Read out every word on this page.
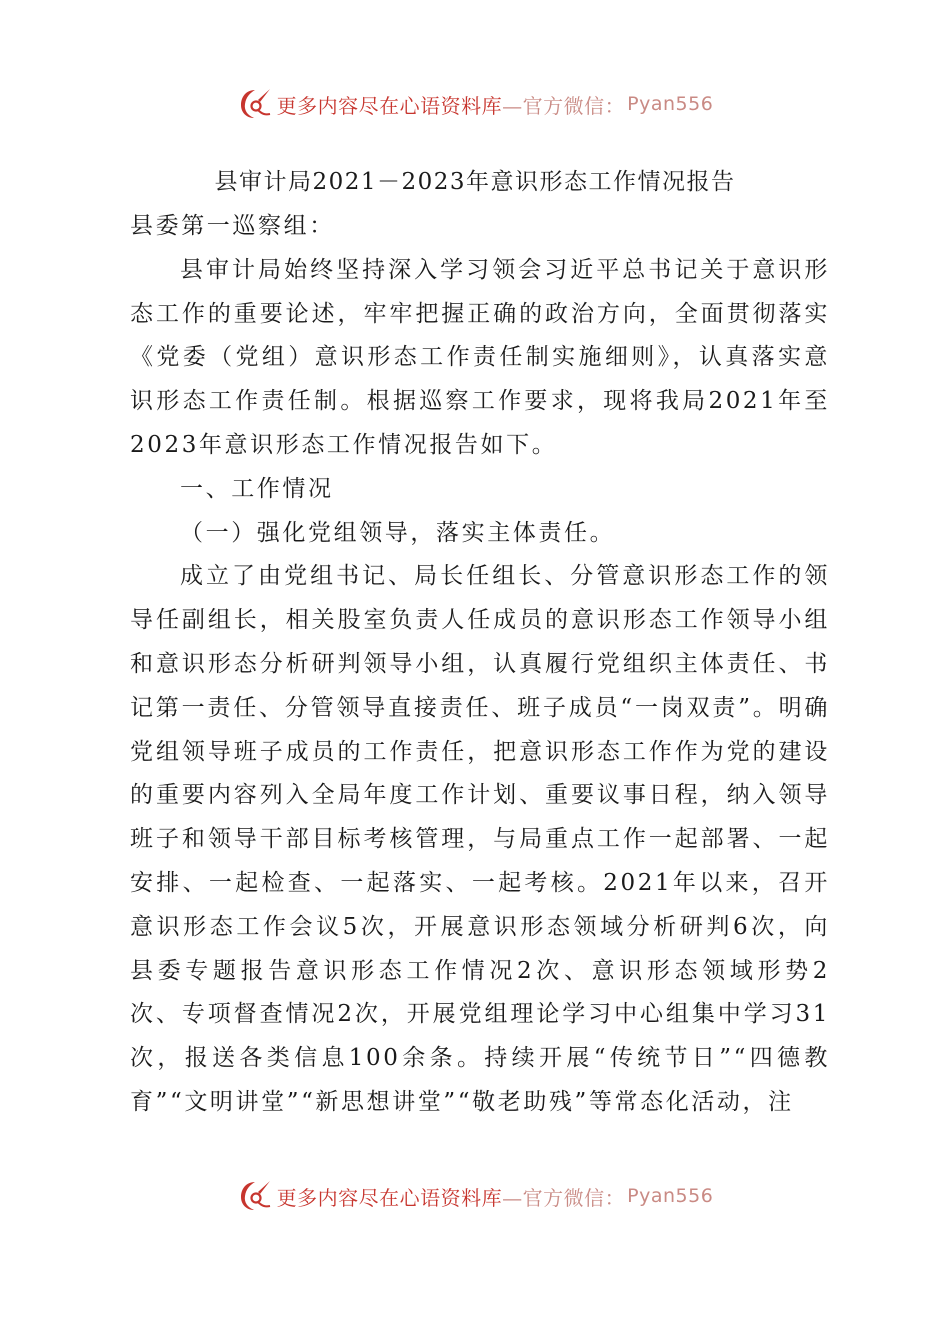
更多内容尽在心语资料库 —官方微信： Pyan556
县审计局2021－2023年意识形态工作情况报告

县委第一巡察组：

县审计局始终坚持深入学习领会习近平总书记关于意识形态工作的重要论述，牢牢把握正确的政治方向，全面贯彻落实《党委（党组）意识形态工作责任制实施细则》，认真落实意识形态工作责任制。根据巡察工作要求，现将我局2021年至2023年意识形态工作情况报告如下。

一、工作情况

（一）强化党组领导，落实主体责任。

成立了由党组书记、局长任组长、分管意识形态工作的领导任副组长，相关股室负责人任成员的意识形态工作领导小组和意识形态分析研判领导小组，认真履行党组织主体责任、书记第一责任、分管领导直接责任、班子成员“一岗双责”。明确党组领导班子成员的工作责任，把意识形态工作作为党的建设的重要内容列入全局年度工作计划、重要议事日程，纳入领导班子和领导干部目标考核管理，与局重点工作一起部署、一起安排、一起检查、一起落实、一起考核。2021年以来，召开意识形态工作会议5次，开展意识形态领域分析研判6次，向县委专题报告意识形态工作情况2次、意识形态领域形势2次、专项督查情况2次，开展党组理论学习中心组集中学习31次，报送各类信息100余条。持续开展“传统节日”“四德教育”“文明讲堂”“新思想讲堂”“敬老助残”等常态化活动，注

更多内容尽在心语资料库 —官方微信： Pyan556
